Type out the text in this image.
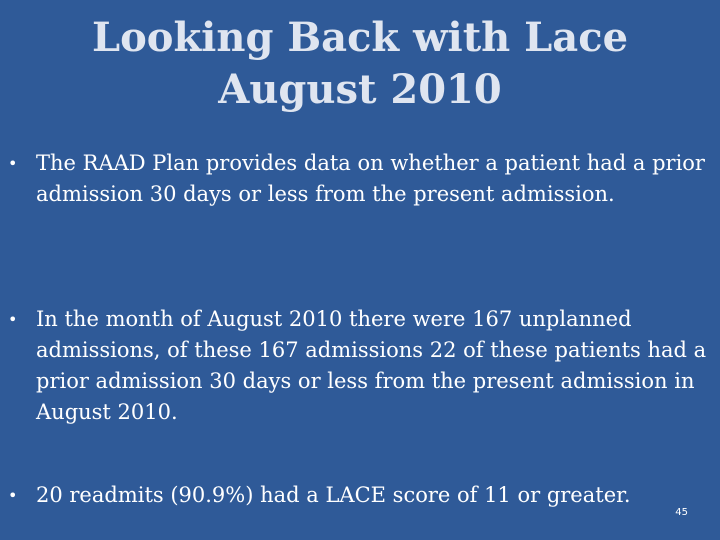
Looking Back with Lace
August 2010
• The RAAD Plan provides data on whether a patient had a prior admission 30 days or less from the present admission.
• In the month of August 2010 there were 167 unplanned admissions, of these 167 admissions 22 of these patients had a prior admission 30 days or less from the present admission in August 2010.
• 20 readmits (90.9%) had a LACE score of 11 or greater.
45
